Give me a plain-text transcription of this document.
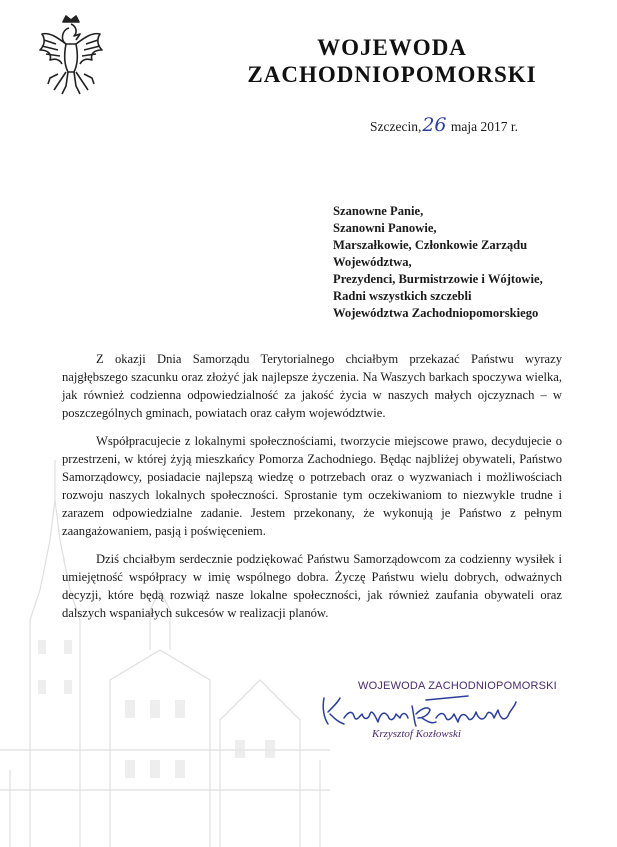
WOJEWODA
ZACHODNIOPOMORSKI
Szczecin,26 maja 2017 r.
Szanowne Panie,
Szanowni Panowie,
Marszałkowie, Członkowie Zarządu
Województwa,
Prezydenci, Burmistrzowie i Wójtowie,
Radni wszystkich szczebli
Województwa Zachodniopomorskiego

Z okazji Dnia Samorządu Terytorialnego chciałbym przekazać Państwu wyrazy najgłębszego szacunku oraz złożyć jak najlepsze życzenia. Na Waszych barkach spoczywa wielka, jak również codzienna odpowiedzialność za jakość życia w naszych małych ojczyznach – w poszczególnych gminach, powiatach oraz całym województwie.

Współpracujecie z lokalnymi społecznościami, tworzycie miejscowe prawo, decydujecie o przestrzeni, w której żyją mieszkańcy Pomorza Zachodniego. Będąc najbliżej obywateli, Państwo Samorządowcy, posiadacie najlepszą wiedzę o potrzebach oraz o wyzwaniach i możliwościach rozwoju naszych lokalnych społeczności. Sprostanie tym oczekiwaniom to niezwykle trudne i zarazem odpowiedzialne zadanie. Jestem przekonany, że wykonują je Państwo z pełnym zaangażowaniem, pasją i poświęceniem.

Dziś chciałbym serdecznie podziękować Państwu Samorządowcom za codzienny wysiłek i umiejętność współpracy w imię wspólnego dobra. Życzę Państwu wielu dobrych, odważnych decyzji, które będą rozwiąż nasze lokalne społeczności, jak również zaufania obywateli oraz dalszych wspaniałych sukcesów w realizacji planów.

WOJEWODA ZACHODNIOPOMORSKI
Krzysztof Kozłowski
